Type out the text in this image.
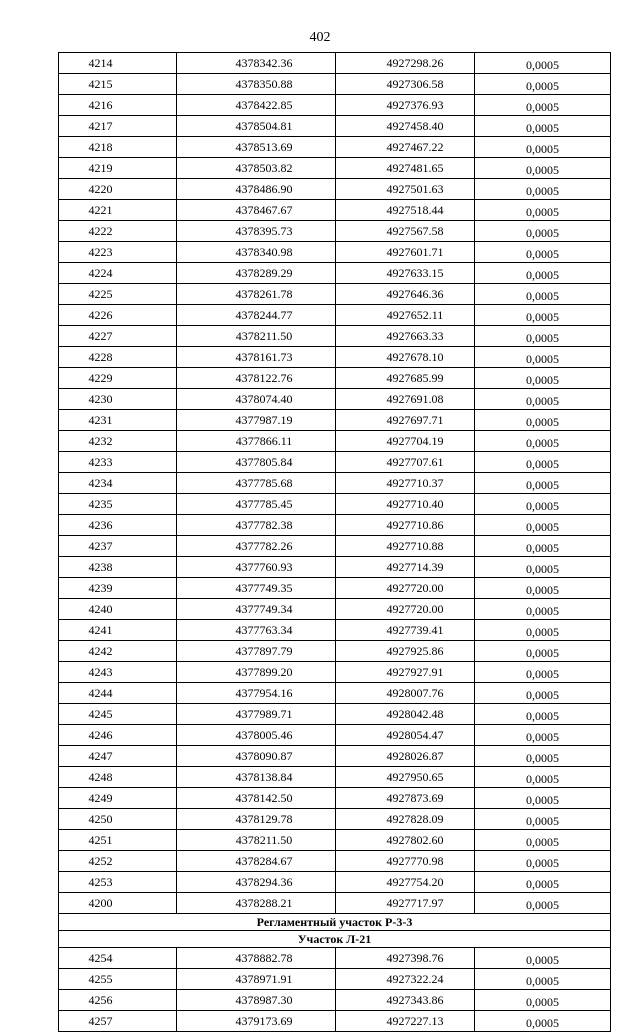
402
4214	4378342.36	4927298.26	0,0005
4215	4378350.88	4927306.58	0,0005
4216	4378422.85	4927376.93	0,0005
4217	4378504.81	4927458.40	0,0005
4218	4378513.69	4927467.22	0,0005
4219	4378503.82	4927481.65	0,0005
4220	4378486.90	4927501.63	0,0005
4221	4378467.67	4927518.44	0,0005
4222	4378395.73	4927567.58	0,0005
4223	4378340.98	4927601.71	0,0005
4224	4378289.29	4927633.15	0,0005
4225	4378261.78	4927646.36	0,0005
4226	4378244.77	4927652.11	0,0005
4227	4378211.50	4927663.33	0,0005
4228	4378161.73	4927678.10	0,0005
4229	4378122.76	4927685.99	0,0005
4230	4378074.40	4927691.08	0,0005
4231	4377987.19	4927697.71	0,0005
4232	4377866.11	4927704.19	0,0005
4233	4377805.84	4927707.61	0,0005
4234	4377785.68	4927710.37	0,0005
4235	4377785.45	4927710.40	0,0005
4236	4377782.38	4927710.86	0,0005
4237	4377782.26	4927710.88	0,0005
4238	4377760.93	4927714.39	0,0005
4239	4377749.35	4927720.00	0,0005
4240	4377749.34	4927720.00	0,0005
4241	4377763.34	4927739.41	0,0005
4242	4377897.79	4927925.86	0,0005
4243	4377899.20	4927927.91	0,0005
4244	4377954.16	4928007.76	0,0005
4245	4377989.71	4928042.48	0,0005
4246	4378005.46	4928054.47	0,0005
4247	4378090.87	4928026.87	0,0005
4248	4378138.84	4927950.65	0,0005
4249	4378142.50	4927873.69	0,0005
4250	4378129.78	4927828.09	0,0005
4251	4378211.50	4927802.60	0,0005
4252	4378284.67	4927770.98	0,0005
4253	4378294.36	4927754.20	0,0005
4200	4378288.21	4927717.97	0,0005
Регламентный участок Р-3-3			
Участок Л-21			
4254	4378882.78	4927398.76	0,0005
4255	4378971.91	4927322.24	0,0005
4256	4378987.30	4927343.86	0,0005
4257	4379173.69	4927227.13	0,0005
